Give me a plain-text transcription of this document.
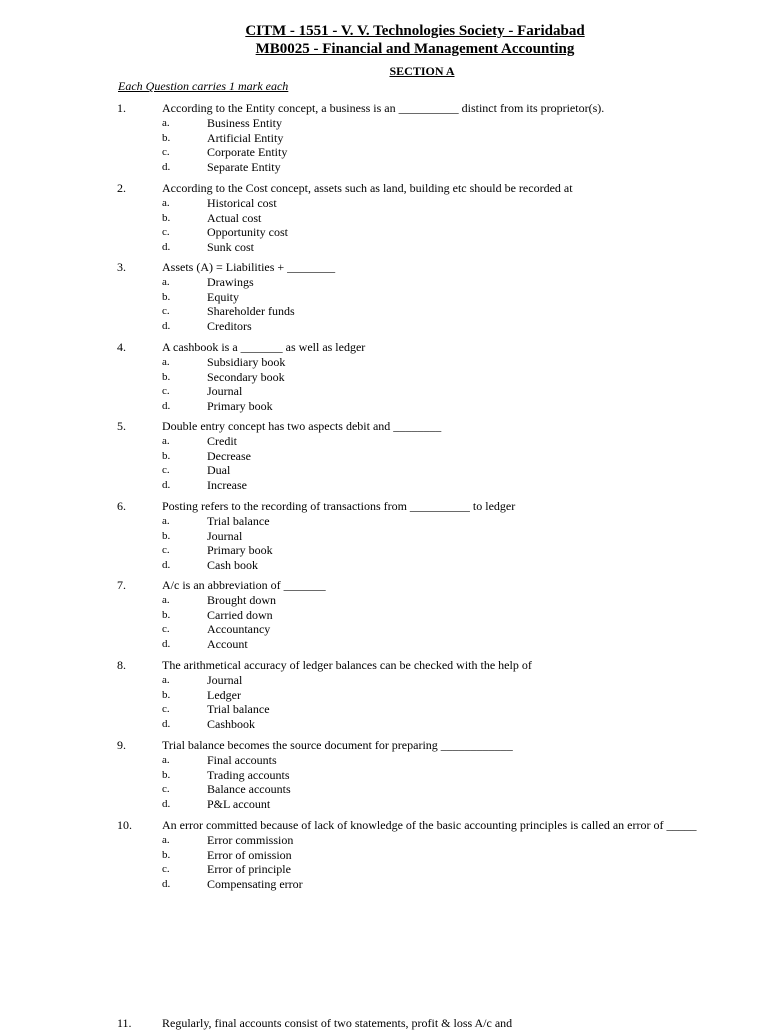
CITM - 1551 - V. V. Technologies Society - Faridabad
MB0025 - Financial and Management Accounting
SECTION A
Each Question carries 1 mark each
1.	According to the Entity concept, a business is an __________ distinct from its proprietor(s).
a.	Business Entity
b.	Artificial Entity
c.	Corporate Entity
d.	Separate Entity
2.	According to the Cost concept, assets such as land, building etc should be recorded at
a.	Historical cost
b.	Actual cost
c.	Opportunity cost
d.	Sunk cost
3.	Assets (A) = Liabilities + ________
a.	Drawings
b.	Equity
c.	Shareholder funds
d.	Creditors
4.	A cashbook is a _______ as well as ledger
a.	Subsidiary book
b.	Secondary book
c.	Journal
d.	Primary book
5.	Double entry concept has two aspects debit and ________
a.	Credit
b.	Decrease
c.	Dual
d.	Increase
6.	Posting refers to the recording of transactions from __________ to ledger
a.	Trial balance
b.	Journal
c.	Primary book
d.	Cash book
7.	A/c is an abbreviation of _______
a.	Brought down
b.	Carried down
c.	Accountancy
d.	Account
8.	The arithmetical accuracy of ledger balances can be checked with the help of
a.	Journal
b.	Ledger
c.	Trial balance
d.	Cashbook
9.	Trial balance becomes the source document for preparing ____________
a.	Final accounts
b.	Trading accounts
c.	Balance accounts
d.	P&L account
10.	An error committed because of lack of knowledge of the basic accounting principles is called an error of _____
a.	Error commission
b.	Error of omission
c.	Error of principle
d.	Compensating error
11.	Regularly, final accounts consist of two statements, profit & loss A/c and
